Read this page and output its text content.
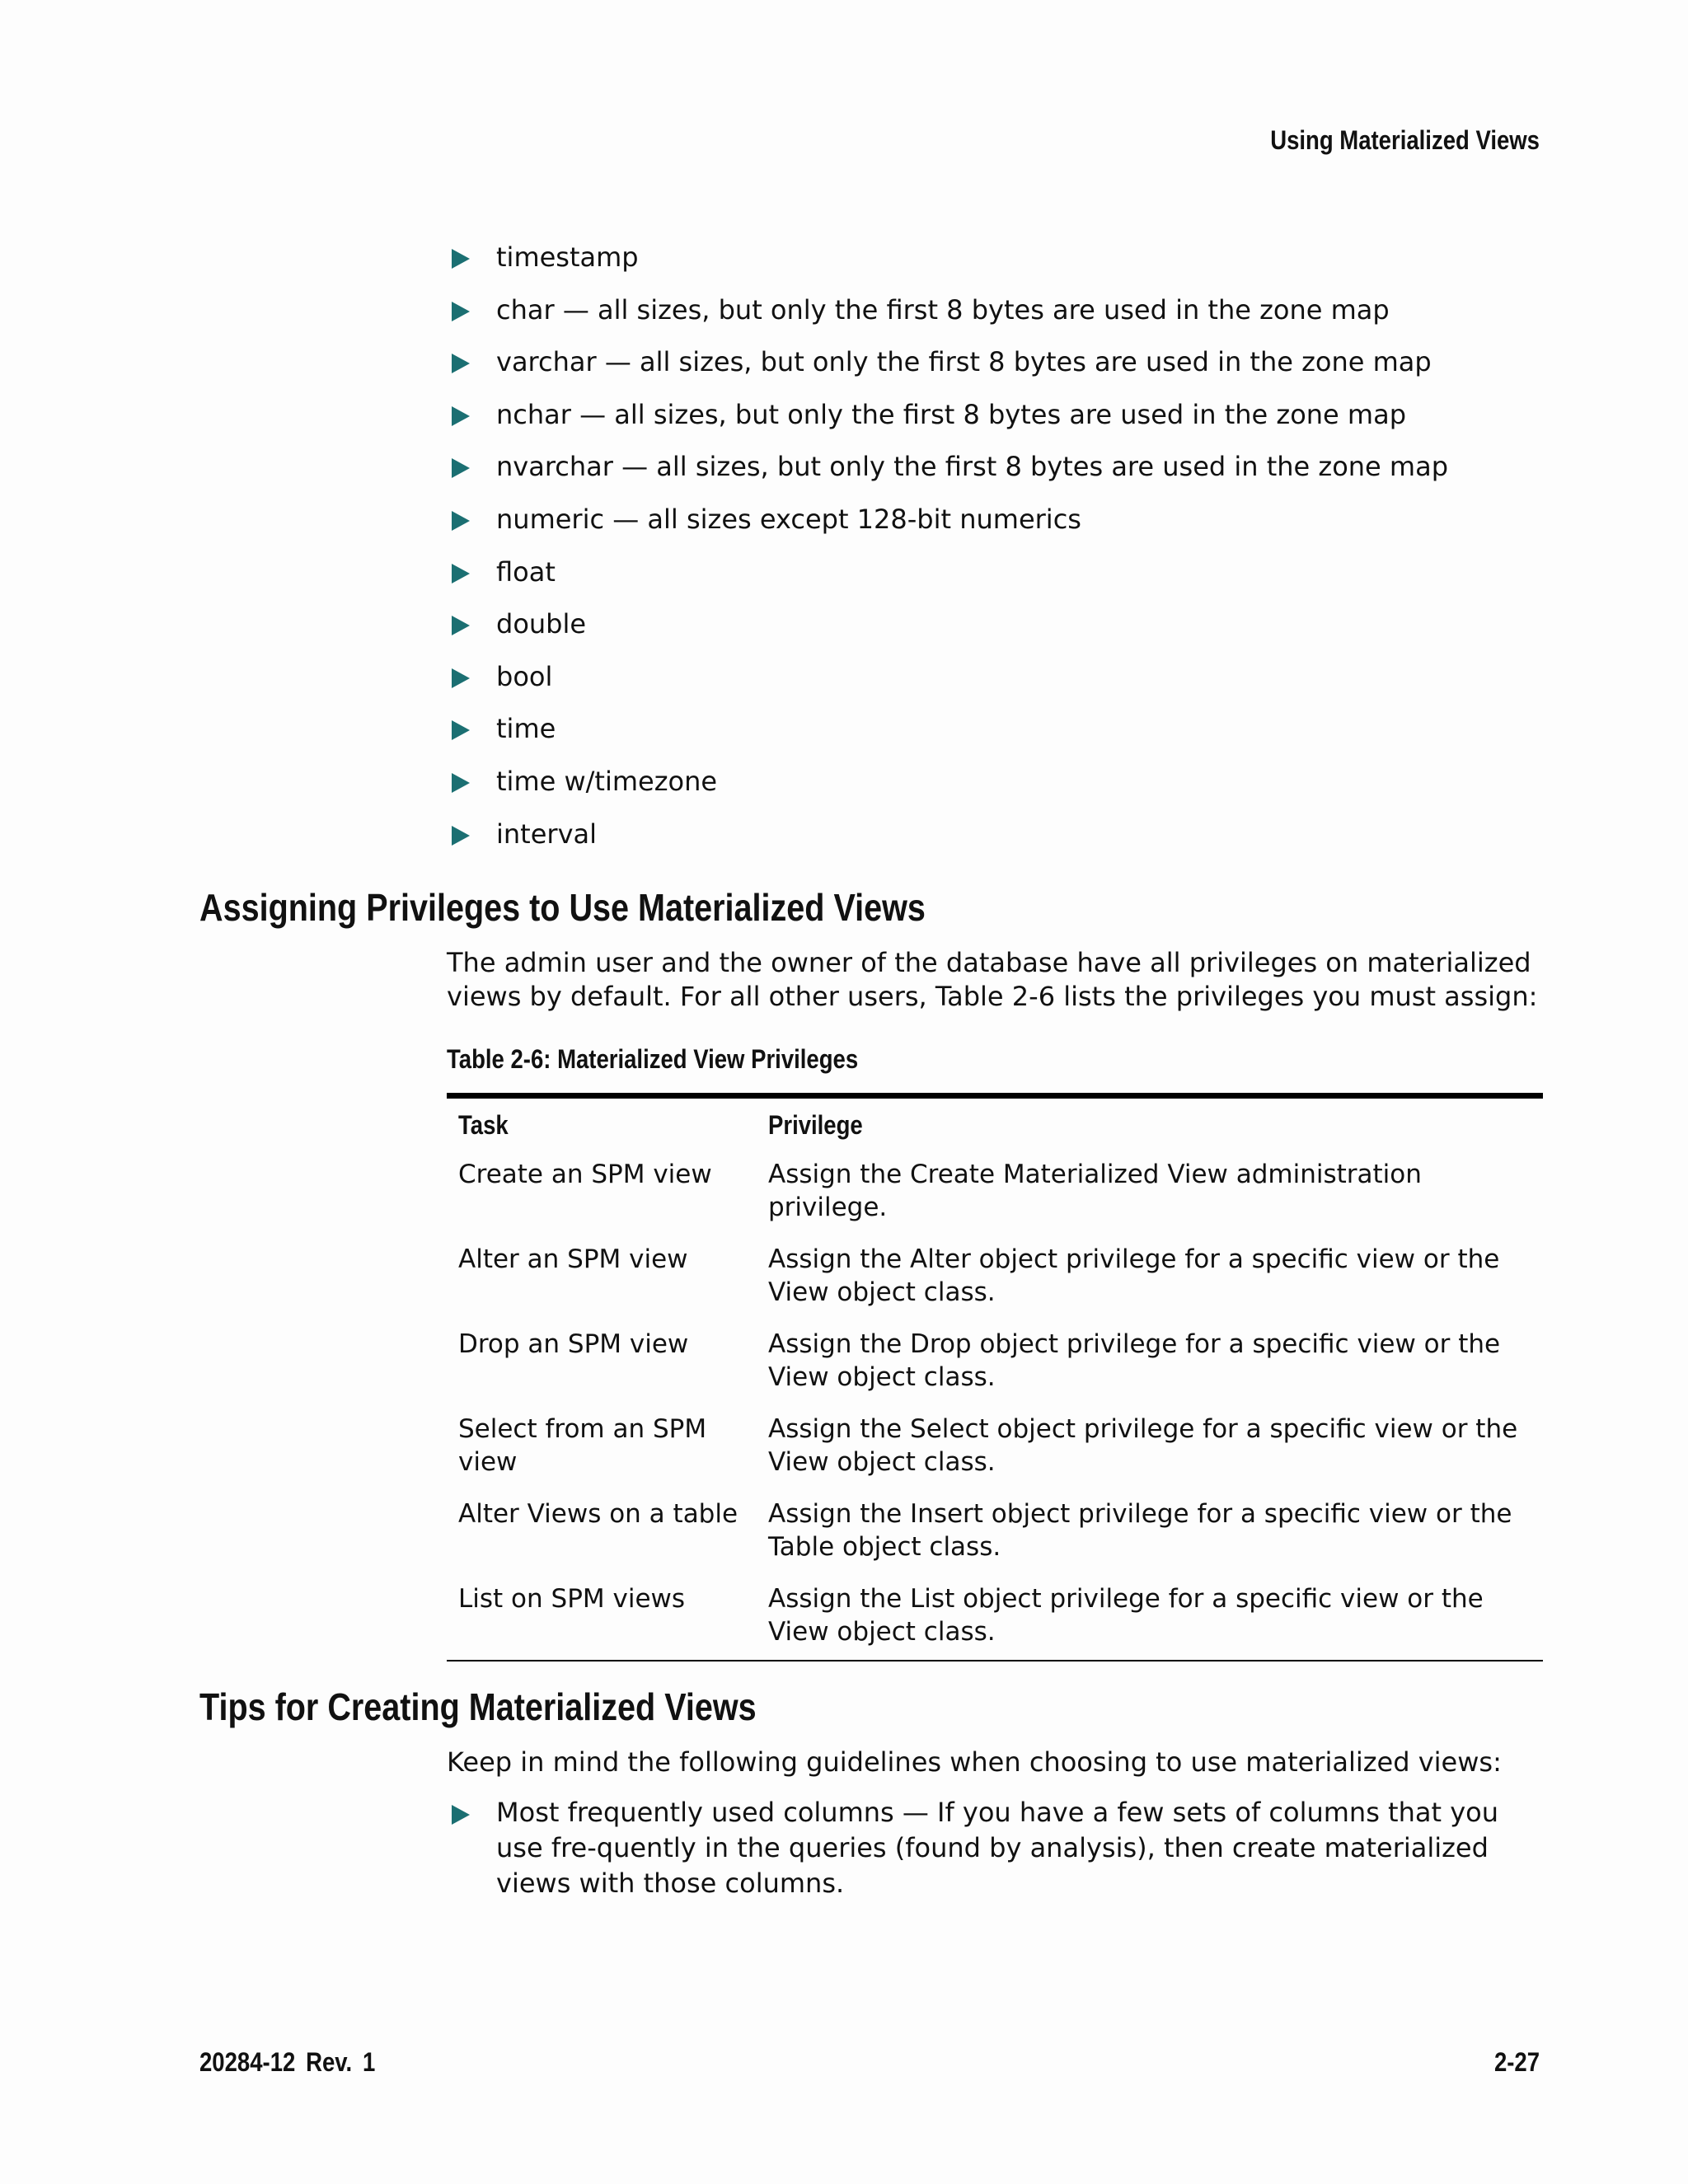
Using Materialized Views
timestamp
char — all sizes, but only the first 8 bytes are used in the zone map
varchar — all sizes, but only the first 8 bytes are used in the zone map
nchar — all sizes, but only the first 8 bytes are used in the zone map
nvarchar — all sizes, but only the first 8 bytes are used in the zone map
numeric — all sizes except 128-bit numerics
float
double
bool
time
time w/timezone
interval
Assigning Privileges to Use Materialized Views
The admin user and the owner of the database have all privileges on materialized views by default. For all other users, Table 2-6 lists the privileges you must assign:
Table 2-6: Materialized View Privileges
Task	Privilege
Create an SPM view	Assign the Create Materialized View administration privilege.
Alter an SPM view	Assign the Alter object privilege for a specific view or the View object class.
Drop an SPM view	Assign the Drop object privilege for a specific view or the View object class.
Select from an SPM view	Assign the Select object privilege for a specific view or the View object class.
Alter Views on a table	Assign the Insert object privilege for a specific view or the Table object class.
List on SPM views	Assign the List object privilege for a specific view or the View object class.
Tips for Creating Materialized Views
Keep in mind the following guidelines when choosing to use materialized views:
Most frequently used columns — If you have a few sets of columns that you use fre-quently in the queries (found by analysis), then create materialized views with those columns.
20284-12 Rev. 1	2-27
